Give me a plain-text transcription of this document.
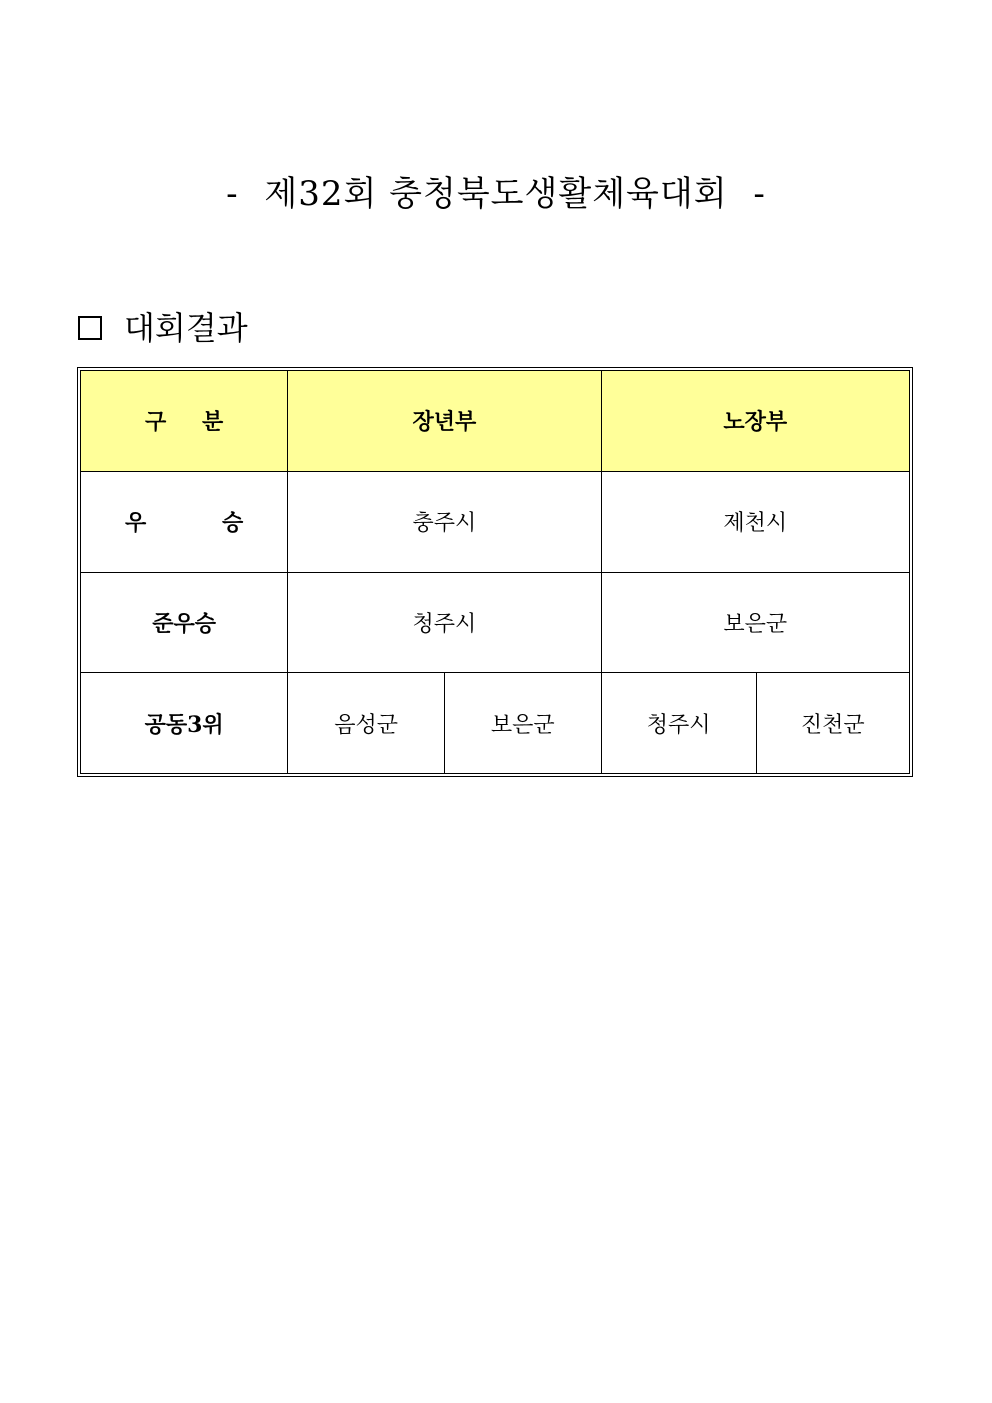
- 제32회 충청북도생활체육대회 -
대회결과
구 분	장년부		노장부	
우 승	충주시		제천시	
준우승	청주시		보은군	
공동3위	음성군	보은군	청주시	진천군
